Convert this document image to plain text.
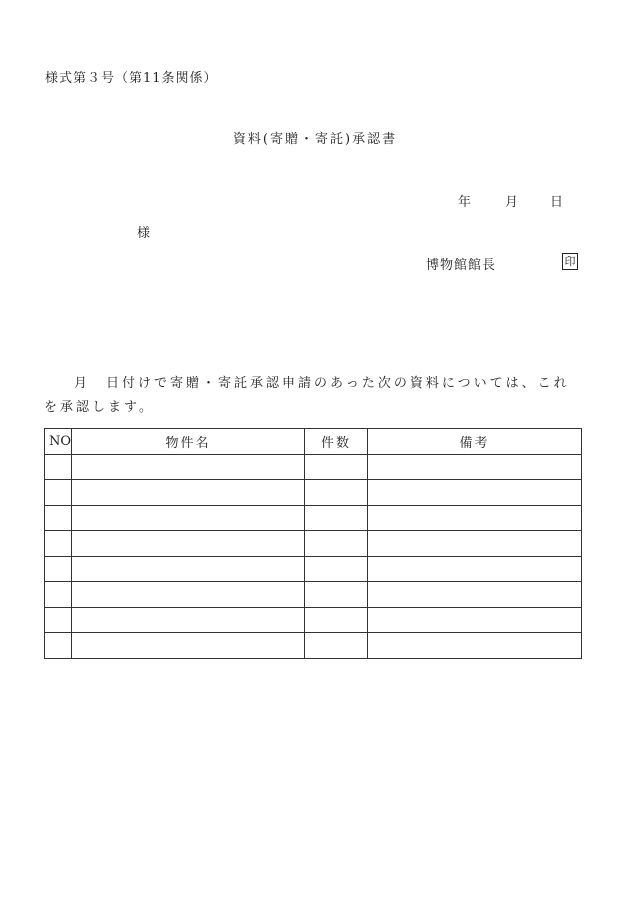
様式第３号（第11条関係）
資料(寄贈・寄託)承認書
年	月 日
様
博物館館長	印
月　日付けで寄贈・寄託承認申請のあった次の資料については、これを承認します。
NO	物件名	件数	備考
